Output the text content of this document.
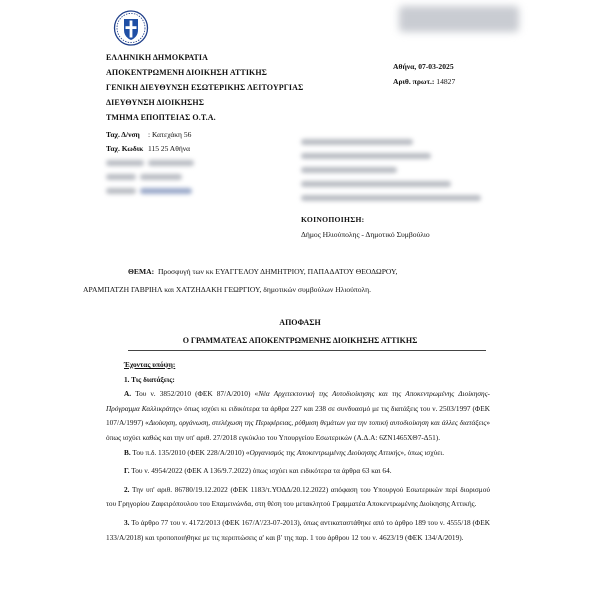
ΕΛΛΗΝΙΚΗ ΔΗΜΟΚΡΑΤΙΑ
ΑΠΟΚΕΝΤΡΩΜΕΝΗ ΔΙΟΙΚΗΣΗ ΑΤΤΙΚΗΣ
ΓΕΝΙΚΗ ΔΙΕΥΘΥΝΣΗ ΕΣΩΤΕΡΙΚΗΣ ΛΕΙΤΟΥΡΓΙΑΣ
ΔΙΕΥΘΥΝΣΗ ΔΙΟΙΚΗΣΗΣ
ΤΜΗΜΑ ΕΠΟΠΤΕΙΑΣ Ο.Τ.Α.
Αθήνα, 07-03-2025
Αριθ. πρωτ.: 14827
Ταχ. Δ/νση : Κατεχάκη 56
Ταχ. Κωδικ 115 25 Αθήνα

ΚΟΙΝΟΠΟΙΗΣΗ:
Δήμος Ηλιούπολης - Δημοτικό Συμβούλιο
ΘΕΜΑ: Προσφυγή των κκ ΕΥΑΓΓΕΛΟΥ ΔΗΜΗΤΡΙΟΥ, ΠΑΠΑΔΑΤΟΥ ΘΕΟΔΩΡΟΥ,
ΑΡΑΜΠΑΤΖΗ ΓΑΒΡΙΗΛ και ΧΑΤΖΗΔΑΚΗ ΓΕΩΡΓΙΟΥ, δημοτικών συμβούλων Ηλιούπολη.
ΑΠΟΦΑΣΗ
Ο ΓΡΑΜΜΑΤΕΑΣ ΑΠΟΚΕΝΤΡΩΜΕΝΗΣ ΔΙΟΙΚΗΣΗΣ ΑΤΤΙΚΗΣ

Έχοντας υπόψη:

1. Τις διατάξεις:

Α. Του ν. 3852/2010 (ΦΕΚ 87/Α/2010) «Νέα Αρχιτεκτονική της Αυτοδιοίκησης και της Αποκεντρωμένης Διοίκησης- Πρόγραμμα Καλλικράτης» όπως ισχύει κι ειδικότερα τα άρθρα 227 και 238 σε συνδυασμό με τις διατάξεις του ν. 2503/1997 (ΦΕΚ 107/Α/1997) «Διοίκηση, οργάνωση, στελέχωση της Περιφέρειας, ρύθμιση θεμάτων για την τοπική αυτοδιοίκηση και άλλες διατάξεις» όπως ισχύει καθώς και την υπ' αριθ. 27/2018 εγκύκλιο του Υπουργείου Εσωτερικών (Α.Δ.Α: 6ΖΝ1465ΧΘ7-Δ51).

Β. Του π.δ. 135/2010 (ΦΕΚ 228/Α/2010) «Οργανισμός της Αποκεντρωμένης Διοίκησης Αττικής», όπως ισχύει.

Γ. Του ν. 4954/2022 (ΦΕΚ Α 136/9.7.2022) όπως ισχύει και ειδικότερα τα άρθρα 63 και 64.

2. Την υπ' αριθ. 86780/19.12.2022 (ΦΕΚ 1183/τ.ΥΟΔΔ/20.12.2022) απόφαση του Υπουργού Εσωτερικών περί διορισμού του Γρηγορίου Ζαφειρόπουλου του Επαμεινώνδα, στη θέση του μετακλητού Γραμματέα Αποκεντρωμένης Διοίκησης Αττικής.

3. Το άρθρο 77 του ν. 4172/2013 (ΦΕΚ 167/Α'/23-07-2013), όπως αντικαταστάθηκε από το άρθρο 189 του ν. 4555/18 (ΦΕΚ 133/Α/2018) και τροποποιήθηκε με τις περιπτώσεις α' και β' της παρ. 1 του άρθρου 12 του ν. 4623/19 (ΦΕΚ 134/Α/2019).
